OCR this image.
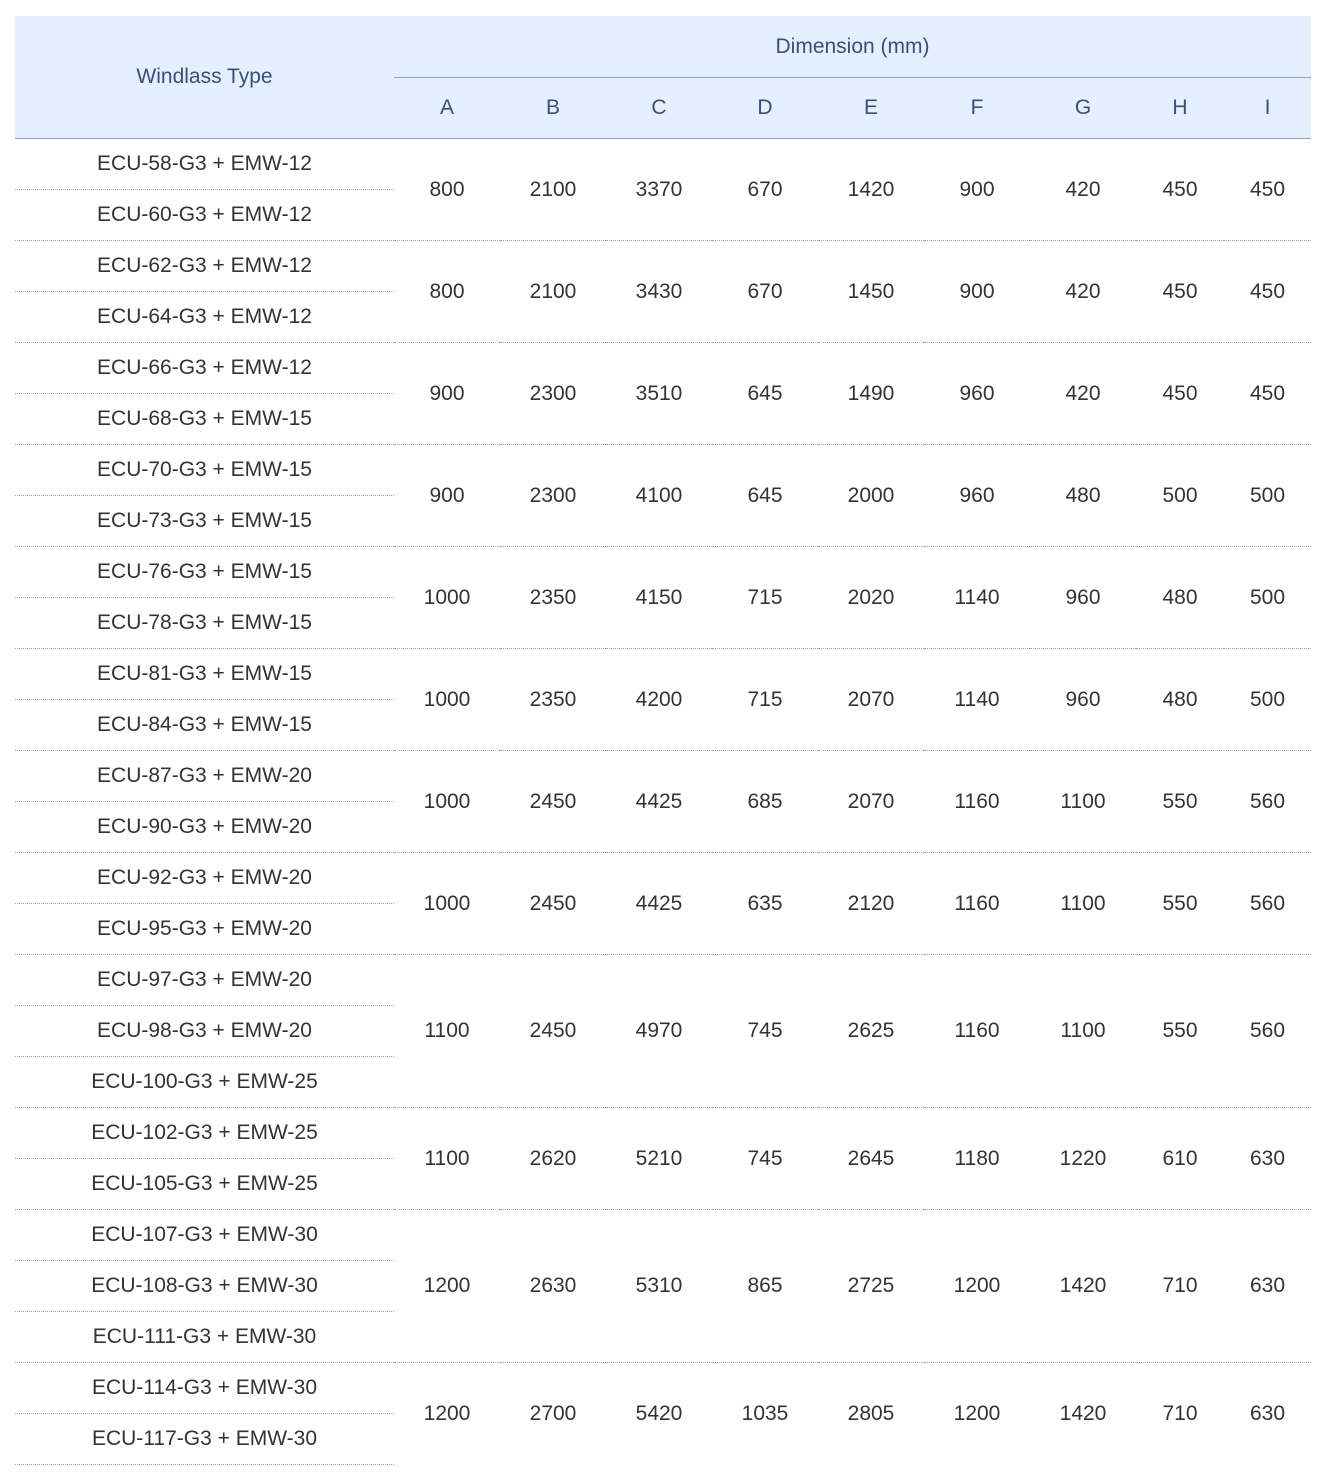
Windlass Type	Dimension (mm)								
	A	B	C	D	E	F	G	H	I
ECU-58-G3 + EMW-12	800	2100	3370	670	1420	900	420	450	450
ECU-60-G3 + EMW-12									
ECU-62-G3 + EMW-12	800	2100	3430	670	1450	900	420	450	450
ECU-64-G3 + EMW-12									
ECU-66-G3 + EMW-12	900	2300	3510	645	1490	960	420	450	450
ECU-68-G3 + EMW-15									
ECU-70-G3 + EMW-15	900	2300	4100	645	2000	960	480	500	500
ECU-73-G3 + EMW-15									
ECU-76-G3 + EMW-15	1000	2350	4150	715	2020	1140	960	480	500
ECU-78-G3 + EMW-15									
ECU-81-G3 + EMW-15	1000	2350	4200	715	2070	1140	960	480	500
ECU-84-G3 + EMW-15									
ECU-87-G3 + EMW-20	1000	2450	4425	685	2070	1160	1100	550	560
ECU-90-G3 + EMW-20									
ECU-92-G3 + EMW-20	1000	2450	4425	635	2120	1160	1100	550	560
ECU-95-G3 + EMW-20									
ECU-97-G3 + EMW-20	1100	2450	4970	745	2625	1160	1100	550	560
ECU-98-G3 + EMW-20									
ECU-100-G3 + EMW-25									
ECU-102-G3 + EMW-25	1100	2620	5210	745	2645	1180	1220	610	630
ECU-105-G3 + EMW-25									
ECU-107-G3 + EMW-30	1200	2630	5310	865	2725	1200	1420	710	630
ECU-108-G3 + EMW-30									
ECU-111-G3 + EMW-30									
ECU-114-G3 + EMW-30	1200	2700	5420	1035	2805	1200	1420	710	630
ECU-117-G3 + EMW-30									
